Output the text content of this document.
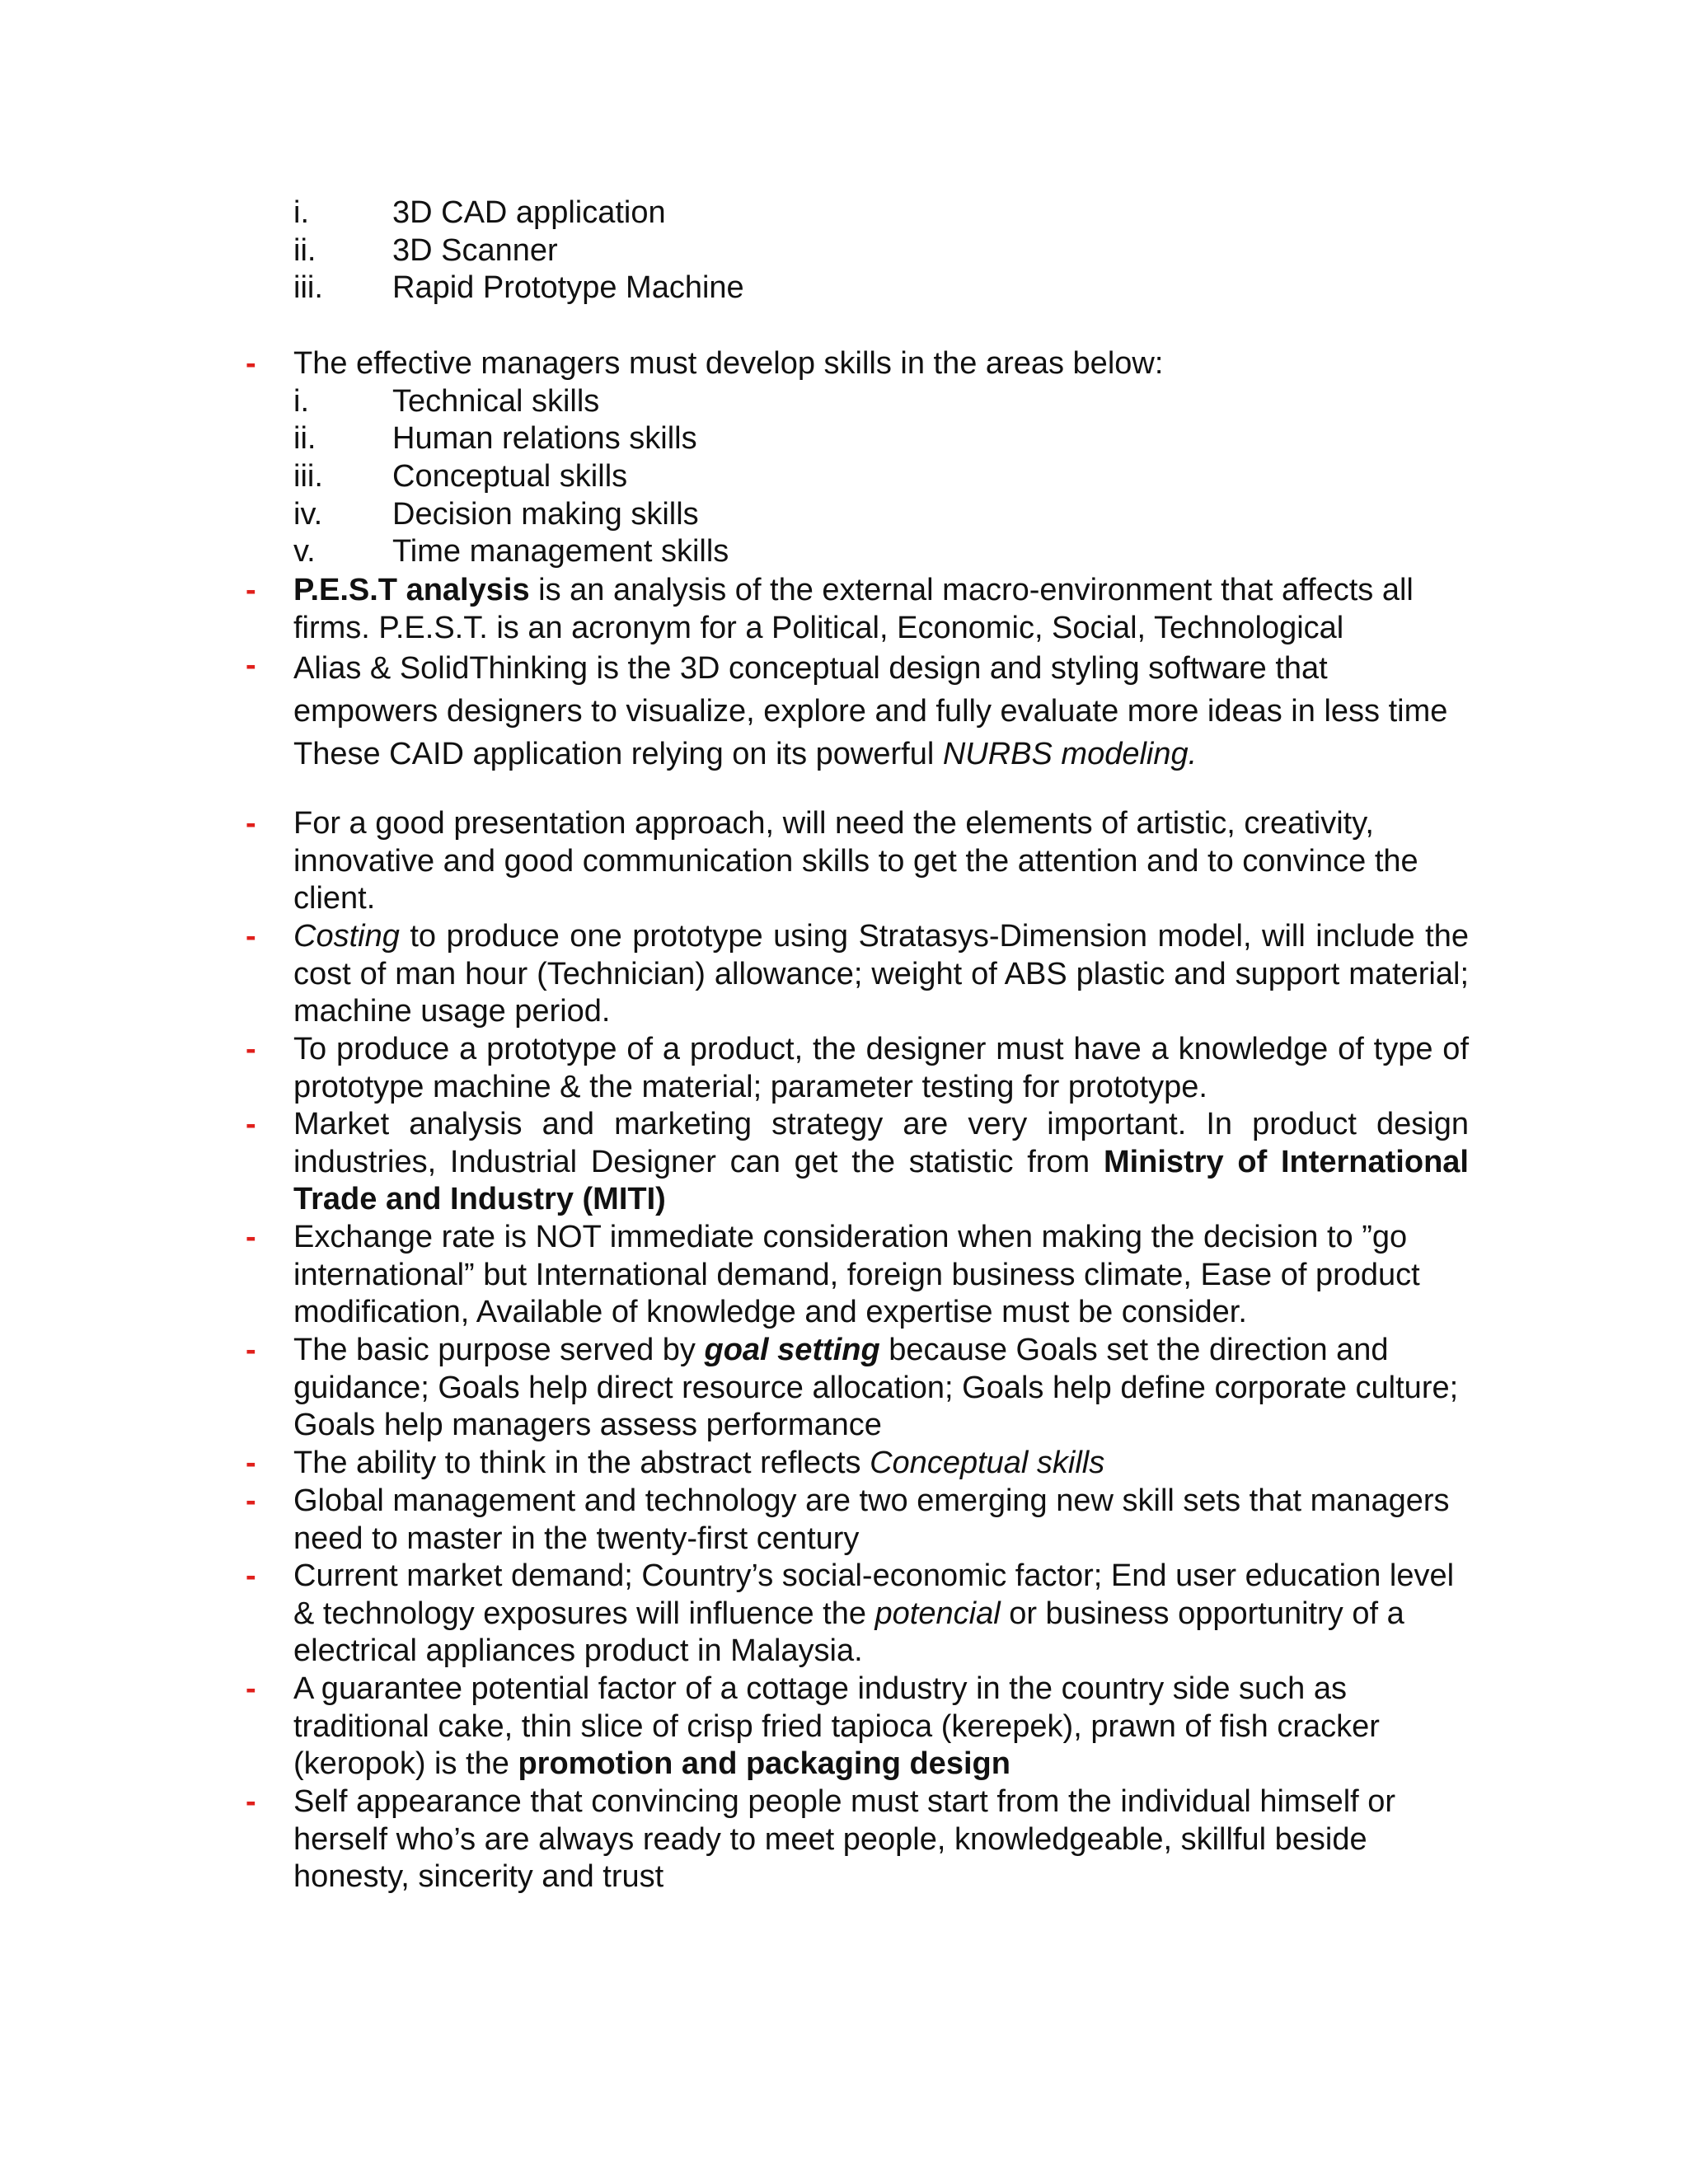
i.	3D CAD application
ii. 3D Scanner
iii. Rapid Prototype Machine
- The effective managers must develop skills in the areas below:
i.	Technical skills
ii. Human relations skills
iii. Conceptual skills
iv. Decision making skills
v. Time management skills
- P.E.S.T analysis is an analysis of the external macro-environment that affects all firms. P.E.S.T. is an acronym for a Political, Economic, Social, Technological
- Alias & SolidThinking is the 3D conceptual design and styling software that empowers designers to visualize, explore and fully evaluate more ideas in less time These CAID application relying on its powerful NURBS modeling.
- For a good presentation approach, will need the elements of artistic, creativity, innovative and good communication skills to get the attention and to convince the client.
- Costing to produce one prototype using Stratasys-Dimension model, will include the cost of man hour (Technician) allowance; weight of ABS plastic and support material; machine usage period.
- To produce a prototype of a product, the designer must have a knowledge of type of prototype machine & the material; parameter testing for prototype.
- Market analysis and marketing strategy are very important. In product design industries, Industrial Designer can get the statistic from Ministry of International Trade and Industry (MITI)
- Exchange rate is NOT immediate consideration when making the decision to ”go international” but International demand, foreign business climate, Ease of product modification, Available of knowledge and expertise must be consider.
- The basic purpose served by goal setting because Goals set the direction and guidance; Goals help direct resource allocation; Goals help define corporate culture; Goals help managers assess performance
- The ability to think in the abstract reflects Conceptual skills
- Global management and technology are two emerging new skill sets that managers need to master in the twenty-first century
- Current market demand; Country’s social-economic factor; End user education level & technology exposures will influence the potencial or business opportunitry of a electrical appliances product in Malaysia.
- A guarantee potential factor of a cottage industry in the country side such as traditional cake, thin slice of crisp fried tapioca (kerepek), prawn of fish cracker (keropok) is the promotion and packaging design
- Self appearance that convincing people must start from the individual himself or herself who’s are always ready to meet people, knowledgeable, skillful beside honesty, sincerity and trust
